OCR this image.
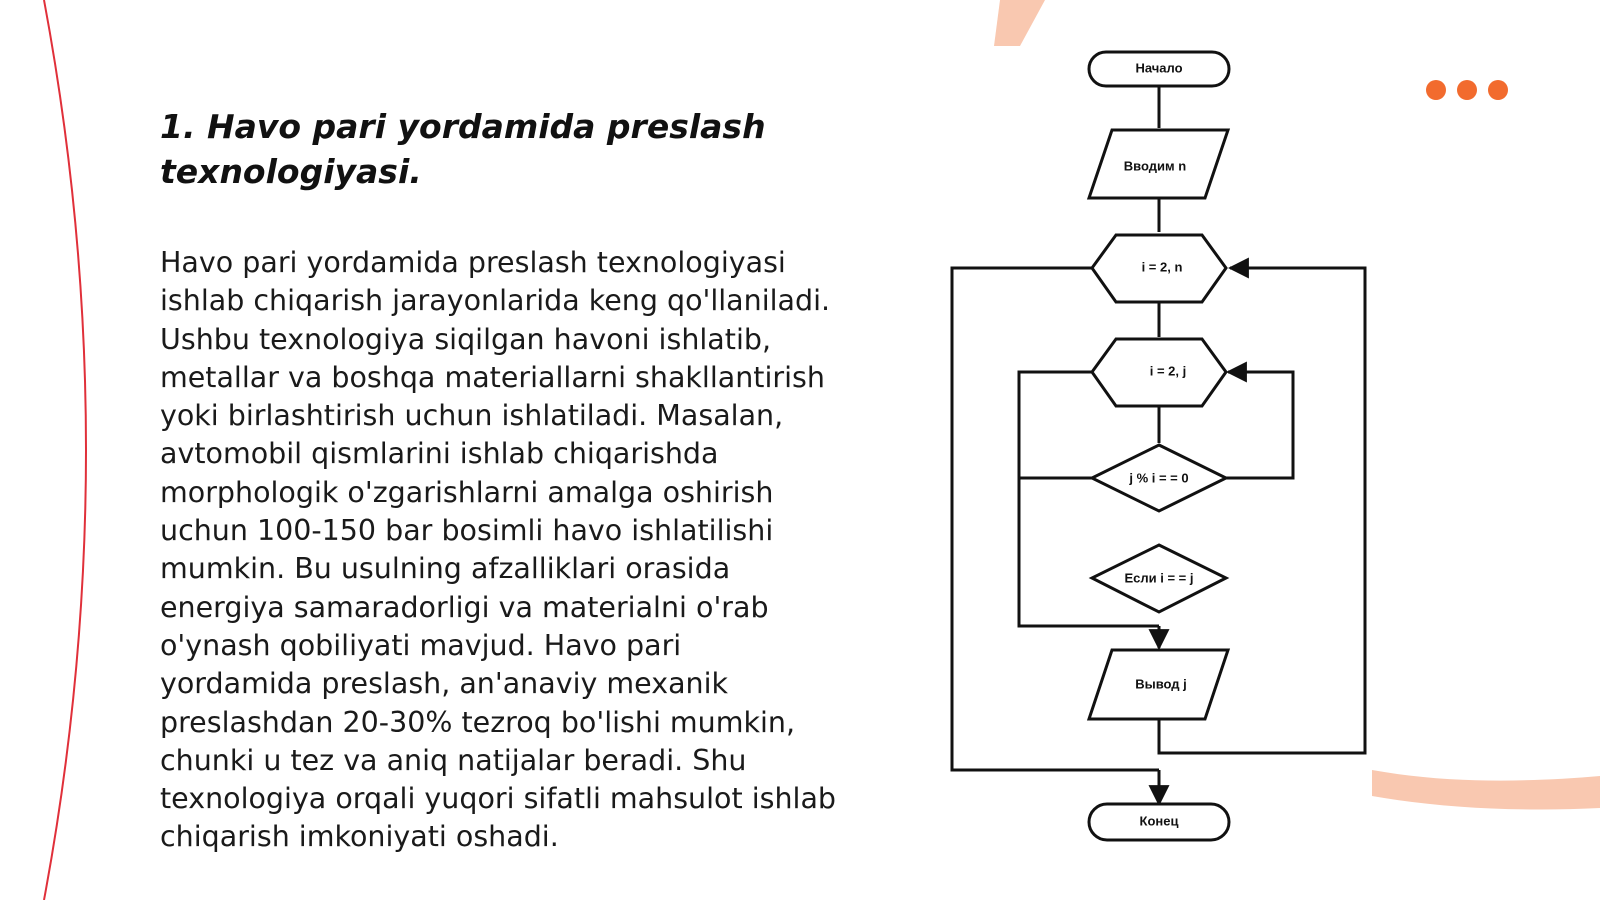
1. Havo pari yordamida preslash texnologiyasi.

Havo pari yordamida preslash texnologiyasi ishlab chiqarish jarayonlarida keng qo'llaniladi. Ushbu texnologiya siqilgan havoni ishlatib, metallar va boshqa materiallarni shakllantirish yoki birlashtirish uchun ishlatiladi. Masalan, avtomobil qismlarini ishlab chiqarishda morphologik o'zgarishlarni amalga oshirish uchun 100-150 bar bosimli havo ishlatilishi mumkin. Bu usulning afzalliklari orasida energiya samaradorligi va materialni o'rab o'ynash qobiliyati mavjud. Havo pari yordamida preslash, an'anaviy mexanik preslashdan 20-30% tezroq bo'lishi mumkin, chunki u tez va aniq natijalar beradi. Shu texnologiya orqali yuqori sifatli mahsulot ishlab chiqarish imkoniyati oshadi.

Начало
Вводим n
i = 2, n
i = 2, j
j % i = = 0
Если i = = j
Вывод j
Конец
